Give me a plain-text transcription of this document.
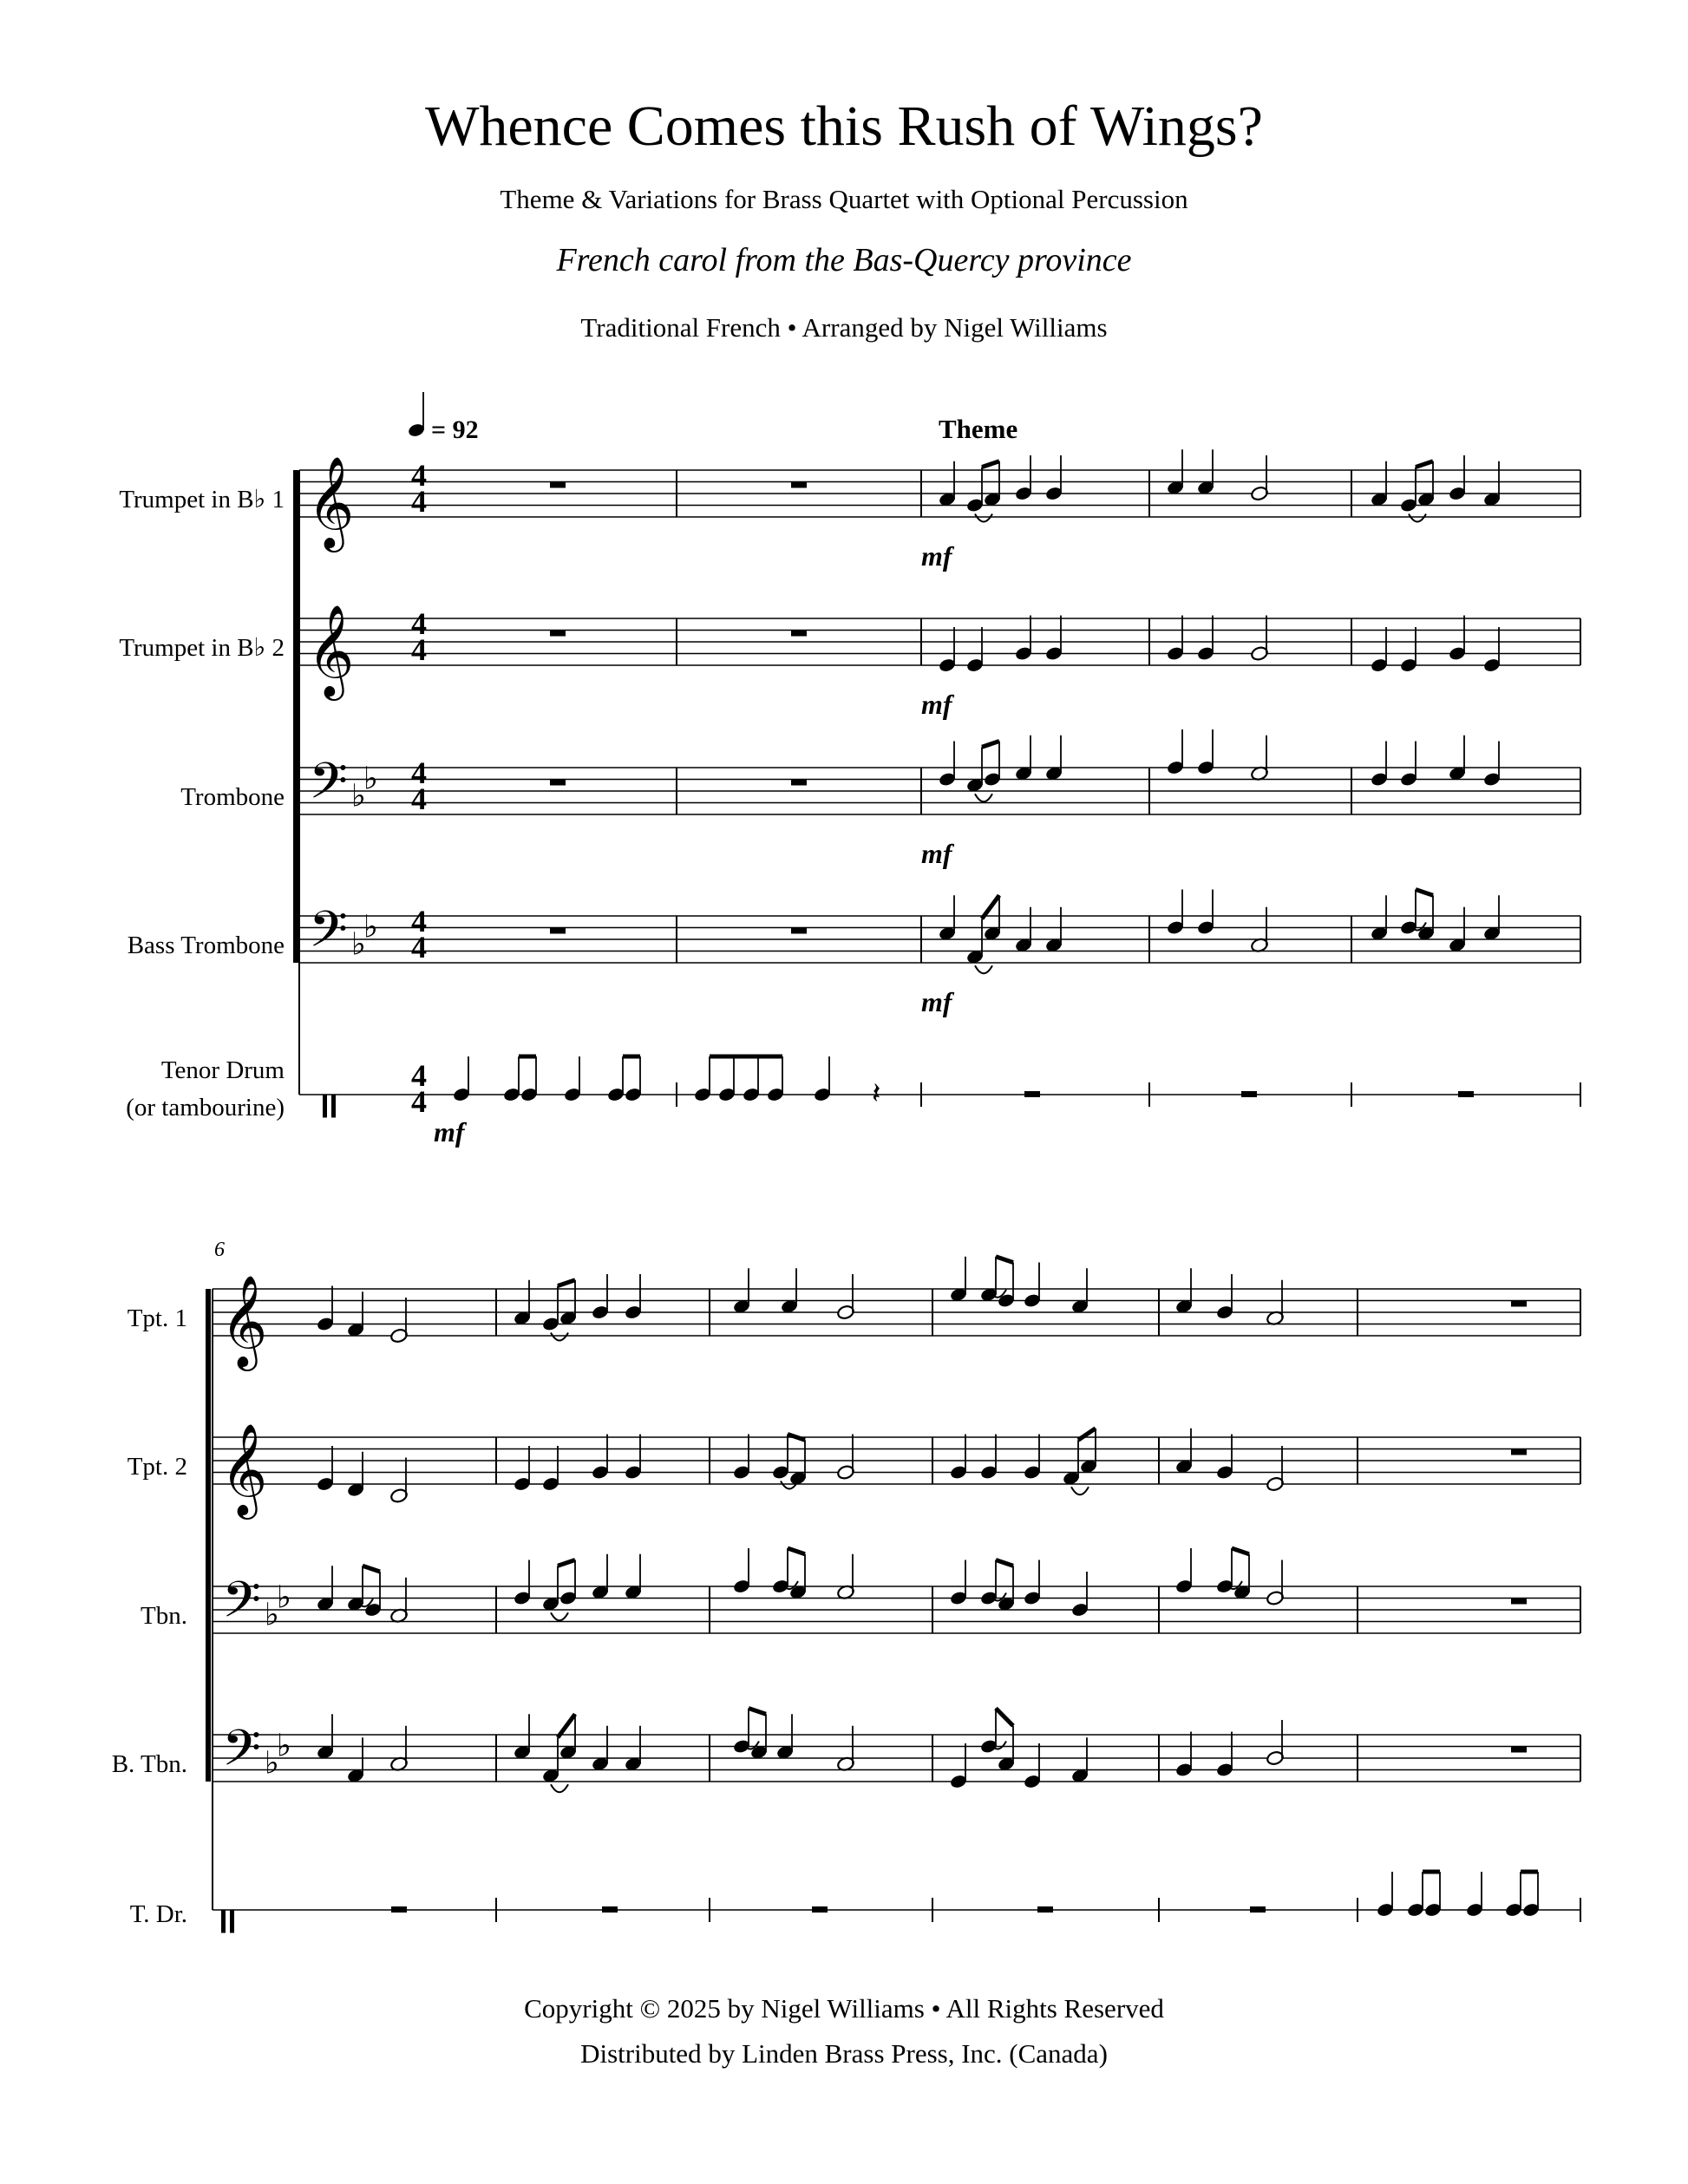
Whence Comes this Rush of Wings?
Theme & Variations for Brass Quartet with Optional Percussion
French carol from the Bas-Quercy province
Traditional French • Arranged by Nigel Williams
𝄞
𝄞
𝄢 ♭
♭
𝄢 ♭
♭
𝄽
𝄞
𝄞
𝄢 ♭
♭
𝄢 ♭
♭
Trumpet in B♭ 1
Trumpet in B♭ 2
Trombone
Bass Trombone
Tenor Drum
(or tambourine)
Tpt. 1
Tpt. 2
Tbn.
B. Tbn.
T. Dr.
= 92	Theme
6
4
4
4
4
4
4
4
4
4
4
mf
mf
mf
mf
mf
Copyright © 2025 by Nigel Williams • All Rights Reserved
Distributed by Linden Brass Press, Inc. (Canada)
